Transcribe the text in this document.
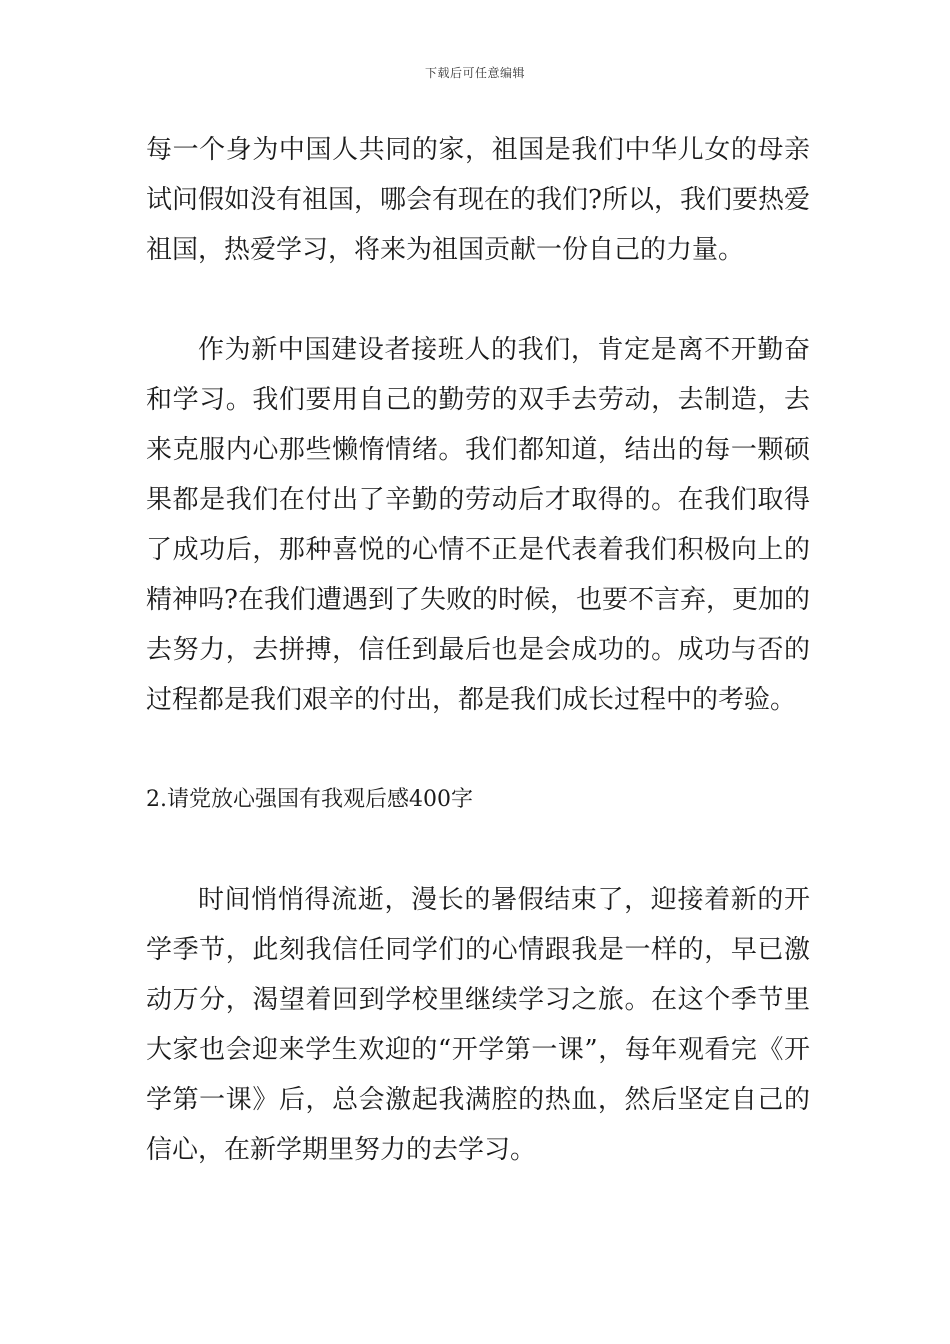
下载后可任意编辑

每一个身为中国人共同的家，祖国是我们中华儿女的母亲试问假如没有祖国，哪会有现在的我们?所以，我们要热爱祖国，热爱学习，将来为祖国贡献一份自己的力量。

作为新中国建设者接班人的我们，肯定是离不开勤奋和学习。我们要用自己的勤劳的双手去劳动，去制造，去来克服内心那些懒惰情绪。我们都知道，结出的每一颗硕果都是我们在付出了辛勤的劳动后才取得的。在我们取得了成功后，那种喜悦的心情不正是代表着我们积极向上的精神吗?在我们遭遇到了失败的时候，也要不言弃，更加的去努力，去拼搏，信任到最后也是会成功的。成功与否的过程都是我们艰辛的付出，都是我们成长过程中的考验。

2.请党放心强国有我观后感400字

时间悄悄得流逝，漫长的暑假结束了，迎接着新的开学季节，此刻我信任同学们的心情跟我是一样的，早已激动万分，渴望着回到学校里继续学习之旅。在这个季节里大家也会迎来学生欢迎的“开学第一课”，每年观看完《开学第一课》后，总会激起我满腔的热血，然后坚定自己的信心，在新学期里努力的去学习。
